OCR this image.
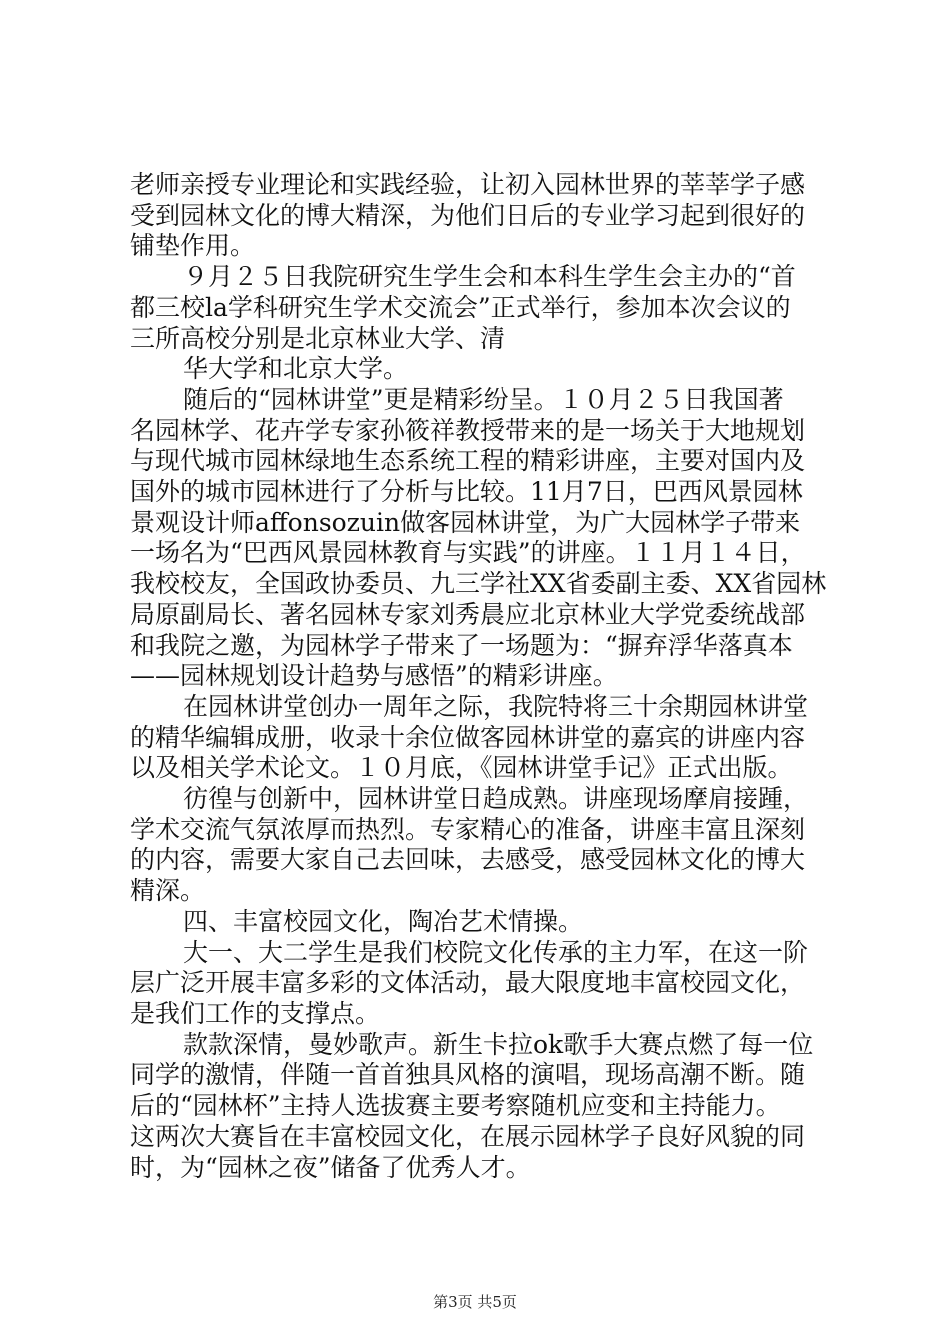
老师亲授专业理论和实践经验，让初入园林世界的莘莘学子感
受到园林文化的博大精深，为他们日后的专业学习起到很好的
铺垫作用。
９月２５日我院研究生学生会和本科生学生会主办的“首
都三校la学科研究生学术交流会”正式举行，参加本次会议的
三所高校分别是北京林业大学、清
华大学和北京大学。
随后的“园林讲堂”更是精彩纷呈。１０月２５日我国著
名园林学、花卉学专家孙筱祥教授带来的是一场关于大地规划
与现代城市园林绿地生态系统工程的精彩讲座，主要对国内及
国外的城市园林进行了分析与比较。11月7日，巴西风景园林
景观设计师affonsozuin做客园林讲堂，为广大园林学子带来
一场名为“巴西风景园林教育与实践”的讲座。１１月１４日，
我校校友，全国政协委员、九三学社XX省委副主委、XX省园林
局原副局长、著名园林专家刘秀晨应北京林业大学党委统战部
和我院之邀，为园林学子带来了一场题为：“摒弃浮华落真本
——园林规划设计趋势与感悟”的精彩讲座。
在园林讲堂创办一周年之际，我院特将三十余期园林讲堂
的精华编辑成册，收录十余位做客园林讲堂的嘉宾的讲座内容
以及相关学术论文。１０月底，《园林讲堂手记》正式出版。
彷徨与创新中，园林讲堂日趋成熟。讲座现场摩肩接踵，
学术交流气氛浓厚而热烈。专家精心的准备，讲座丰富且深刻
的内容，需要大家自己去回味，去感受，感受园林文化的博大
精深。
四、丰富校园文化，陶冶艺术情操。
大一、大二学生是我们校院文化传承的主力军，在这一阶
层广泛开展丰富多彩的文体活动，最大限度地丰富校园文化，
是我们工作的支撑点。
款款深情，曼妙歌声。新生卡拉ok歌手大赛点燃了每一位
同学的激情，伴随一首首独具风格的演唱，现场高潮不断。随
后的“园林杯”主持人选拔赛主要考察随机应变和主持能力。
这两次大赛旨在丰富校园文化，在展示园林学子良好风貌的同
时，为“园林之夜”储备了优秀人才。
第3页 共5页
